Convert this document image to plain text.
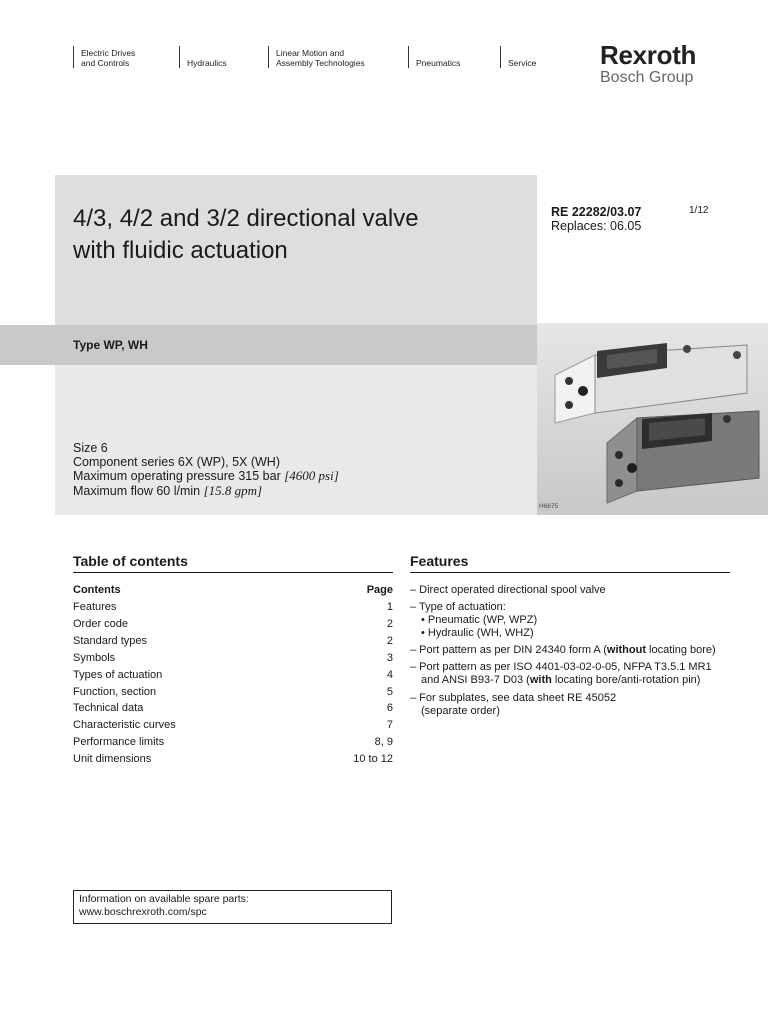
Electric Drives
and Controls	Hydraulics
Linear Motion and
Assembly Technologies	Pneumatics	Service Rexroth
Bosch Group
4/3, 4/2 and 3/2 directional valve
with fluidic actuation
RE 22282/03.07
Replaces: 06.05
1/12
Type WP, WH
Size 6
Component series 6X (WP), 5X (WH)
Maximum operating pressure 315 bar [4600 psi]
Maximum flow 60 l/min [15.8 gpm]
H6875
Table of contents
Contents	Page
Features	1
Order code	2
Standard types	2
Symbols	3
Types of actuation	4
Function, section	5
Technical data	6
Characteristic curves	7
Performance limits	8, 9
Unit dimensions	10 to 12
Features
– Direct operated directional spool valve
– Type of actuation:
• Pneumatic (WP, WPZ)
• Hydraulic (WH, WHZ)
– Port pattern as per DIN 24340 form A (without locating bore)
– Port pattern as per ISO 4401-03-02-0-05, NFPA T3.5.1 MR1
and ANSI B93-7 D03 (with locating bore/anti-rotation pin)
– For subplates, see data sheet RE 45052
(separate order)
Information on available spare parts:
www.boschrexroth.com/spc
